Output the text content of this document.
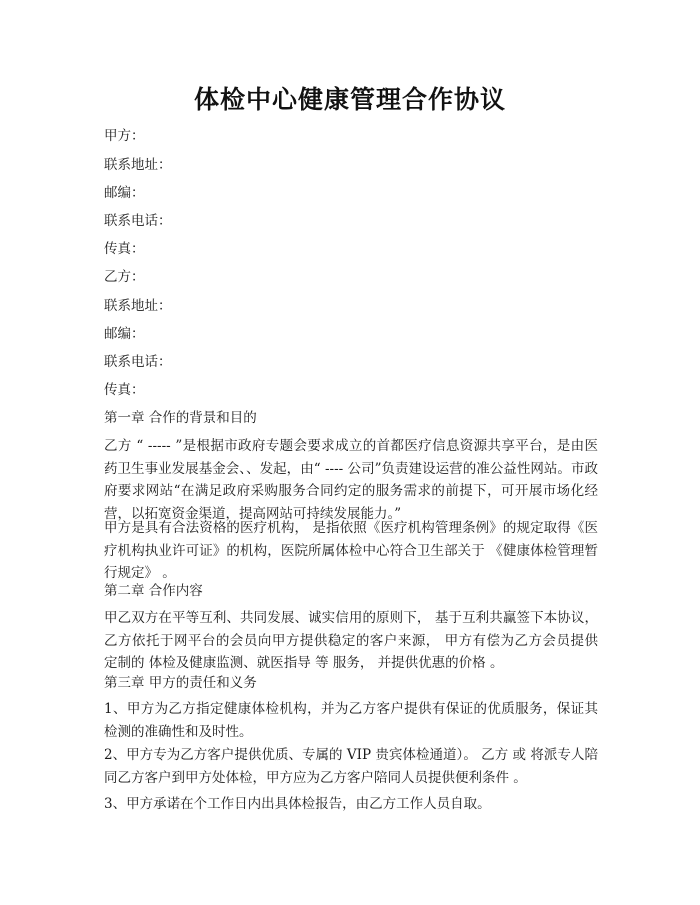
体检中心健康管理合作协议
甲方：
联系地址：
邮编：
联系电话：
传真：
乙方：
联系地址：
邮编：
联系电话：
传真：
第一章 合作的背景和目的
乙方 “ ----- ”是根据市政府专题会要求成立的首都医疗信息资源共享平台，是由医药卫生事业发展基金会、、发起，由“ ---- 公司”负责建设运营的准公益性网站。市政府要求网站“在满足政府采购服务合同约定的服务需求的前提下，可开展市场化经营，以拓宽资金渠道，提高网站可持续发展能力。”
甲方是具有合法资格的医疗机构， 是指依照《医疗机构管理条例》的规定取得《医疗机构执业许可证》的机构，医院所属体检中心符合卫生部关于 《健康体检管理暂行规定》 。
第二章 合作内容
甲乙双方在平等互利、共同发展、诚实信用的原则下， 基于互利共赢签下本协议，乙方依托于网平台的会员向甲方提供稳定的客户来源， 甲方有偿为乙方会员提供 定制的 体检及健康监测、就医指导 等 服务， 并提供优惠的价格 。
第三章 甲方的责任和义务
1、甲方为乙方指定健康体检机构，并为乙方客户提供有保证的优质服务，保证其检测的准确性和及时性。
2、甲方专为乙方客户提供优质、专属的 VIP 贵宾体检通道）。 乙方 或 将派专人陪同乙方客户到甲方处体检，甲方应为乙方客户陪同人员提供便利条件 。
3、甲方承诺在个工作日内出具体检报告，由乙方工作人员自取。
